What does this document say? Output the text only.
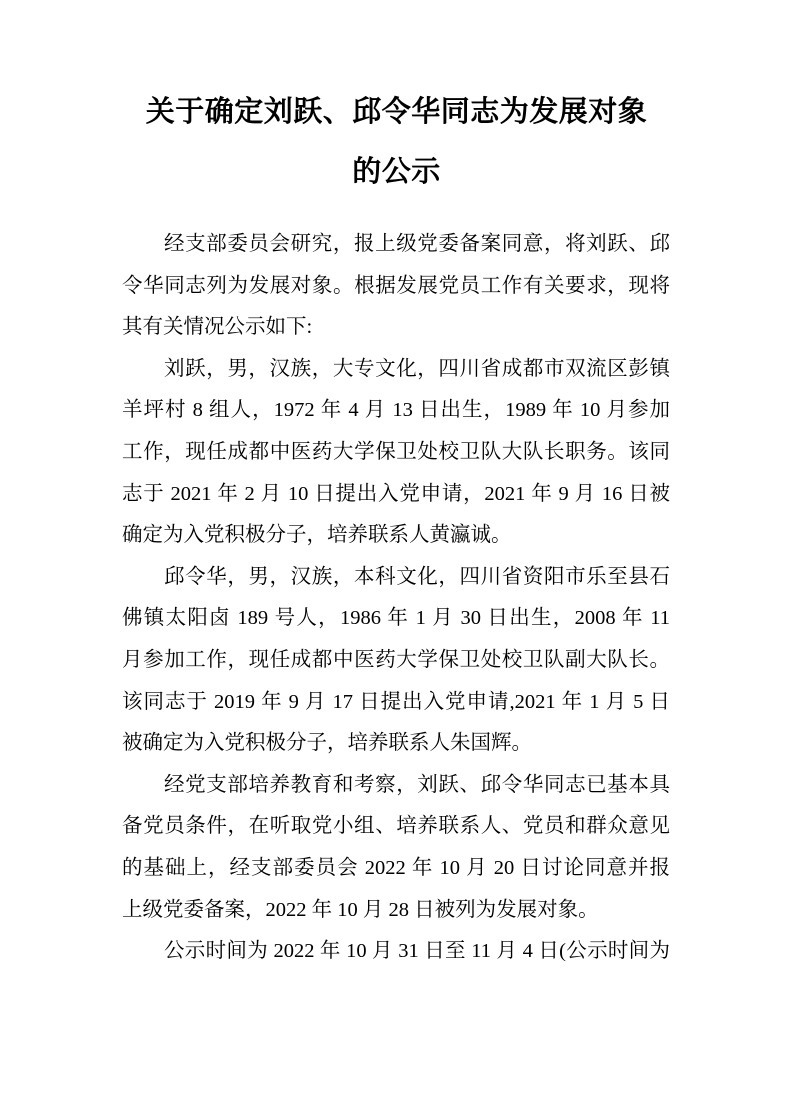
关于确定刘跃、邱令华同志为发展对象
的公示
经支部委员会研究，报上级党委备案同意，将刘跃、邱
令华同志列为发展对象。根据发展党员工作有关要求，现将
其有关情况公示如下:
刘跃，男，汉族，大专文化，四川省成都市双流区彭镇
羊坪村 8 组人，1972 年 4 月 13 日出生，1989 年 10 月参加
工作，现任成都中医药大学保卫处校卫队大队长职务。该同
志于 2021 年 2 月 10 日提出入党申请，2021 年 9 月 16 日被
确定为入党积极分子，培养联系人黄瀛诚。
邱令华，男，汉族，本科文化，四川省资阳市乐至县石
佛镇太阳卤 189 号人，1986 年 1 月 30 日出生，2008 年 11
月参加工作，现任成都中医药大学保卫处校卫队副大队长。
该同志于 2019 年 9 月 17 日提出入党申请,2021 年 1 月 5 日
被确定为入党积极分子，培养联系人朱国辉。
经党支部培养教育和考察，刘跃、邱令华同志已基本具
备党员条件，在听取党小组、培养联系人、党员和群众意见
的基础上，经支部委员会 2022 年 10 月 20 日讨论同意并报
上级党委备案，2022 年 10 月 28 日被列为发展对象。
公示时间为 2022 年 10 月 31 日至 11 月 4 日(公示时间为
